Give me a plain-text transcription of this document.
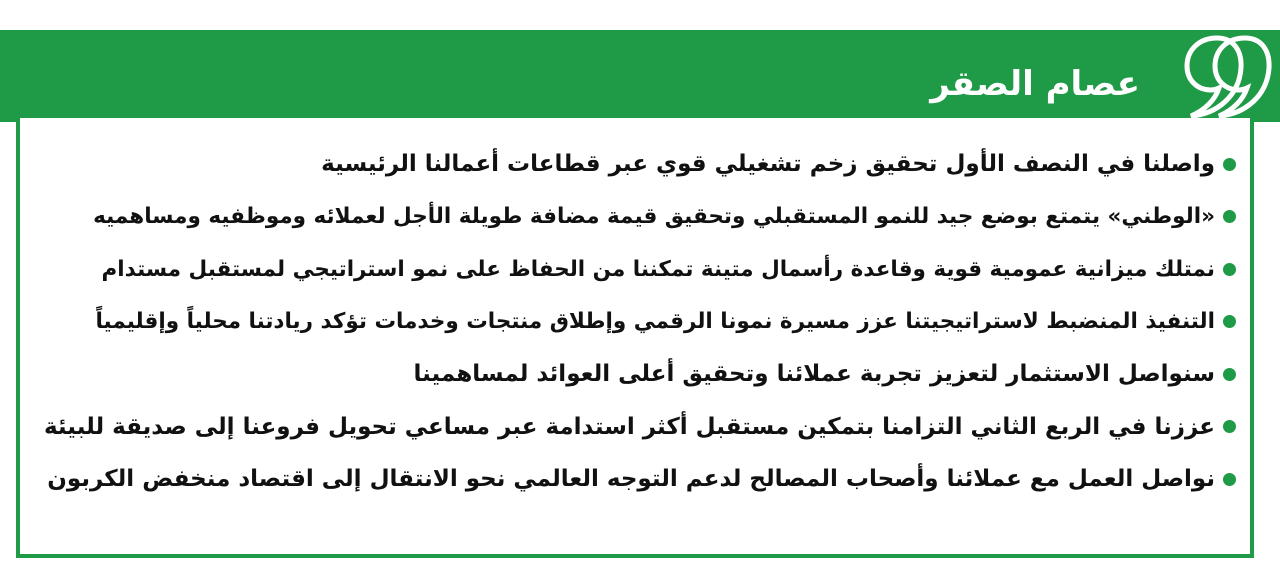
عصام الصقر
واصلنا في النصف الأول تحقيق زخم تشغيلي قوي عبر قطاعات أعمالنا الرئيسية
«الوطني» يتمتع بوضع جيد للنمو المستقبلي وتحقيق قيمة مضافة طويلة الأجل لعملائه وموظفيه ومساهميه
نمتلك ميزانية عمومية قوية وقاعدة رأسمال متينة تمكننا من الحفاظ على نمو استراتيجي لمستقبل مستدام
التنفيذ المنضبط لاستراتيجيتنا عزز مسيرة نمونا الرقمي وإطلاق منتجات وخدمات تؤكد ريادتنا محلياً وإقليمياً
سنواصل الاستثمار لتعزيز تجربة عملائنا وتحقيق أعلى العوائد لمساهمينا
عززنا في الربع الثاني التزامنا بتمكين مستقبل أكثر استدامة عبر مساعي تحويل فروعنا إلى صديقة للبيئة
نواصل العمل مع عملائنا وأصحاب المصالح لدعم التوجه العالمي نحو الانتقال إلى اقتصاد منخفض الكربون
